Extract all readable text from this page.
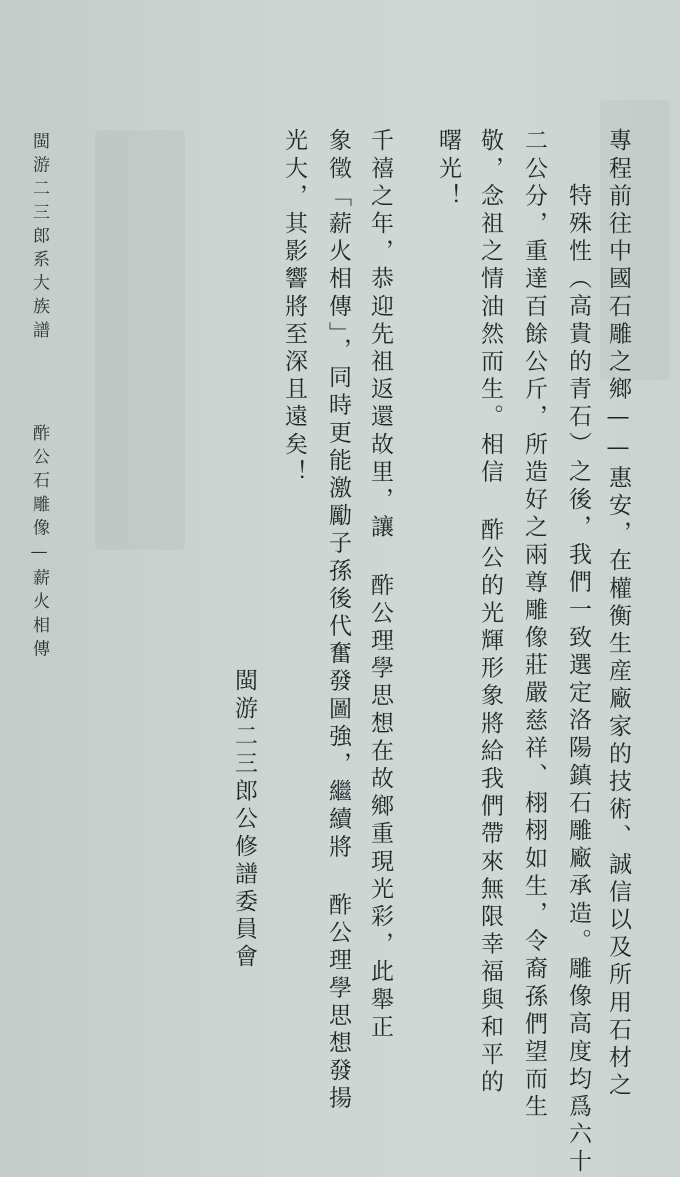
閩游二三郎系大族譜

酢公石雕像—薪火相傳	專程前往中國石雕之鄉——惠安，在權衡生産廠家的技術、誠信以及所用石材之

特殊性（高貴的青石）之後，我們一致選定洛陽鎮石雕廠承造。雕像高度均爲六十

二公分，重達百餘公斤，所造好之兩尊雕像莊嚴慈祥、栩栩如生，令裔孫們望而生

敬，念祖之情油然而生。相信 酢公的光輝形象將給我們帶來無限幸福與和平的

曙光！

千禧之年，恭迎先祖返還故里，讓 酢公理學思想在故鄉重現光彩，此舉正

象徵「薪火相傳」，同時更能激勵子孫後代奮發圖強，繼續將 酢公理學思想發揚

光大，其影響將至深且遠矣！

閩游二三郎公修譜委員會
